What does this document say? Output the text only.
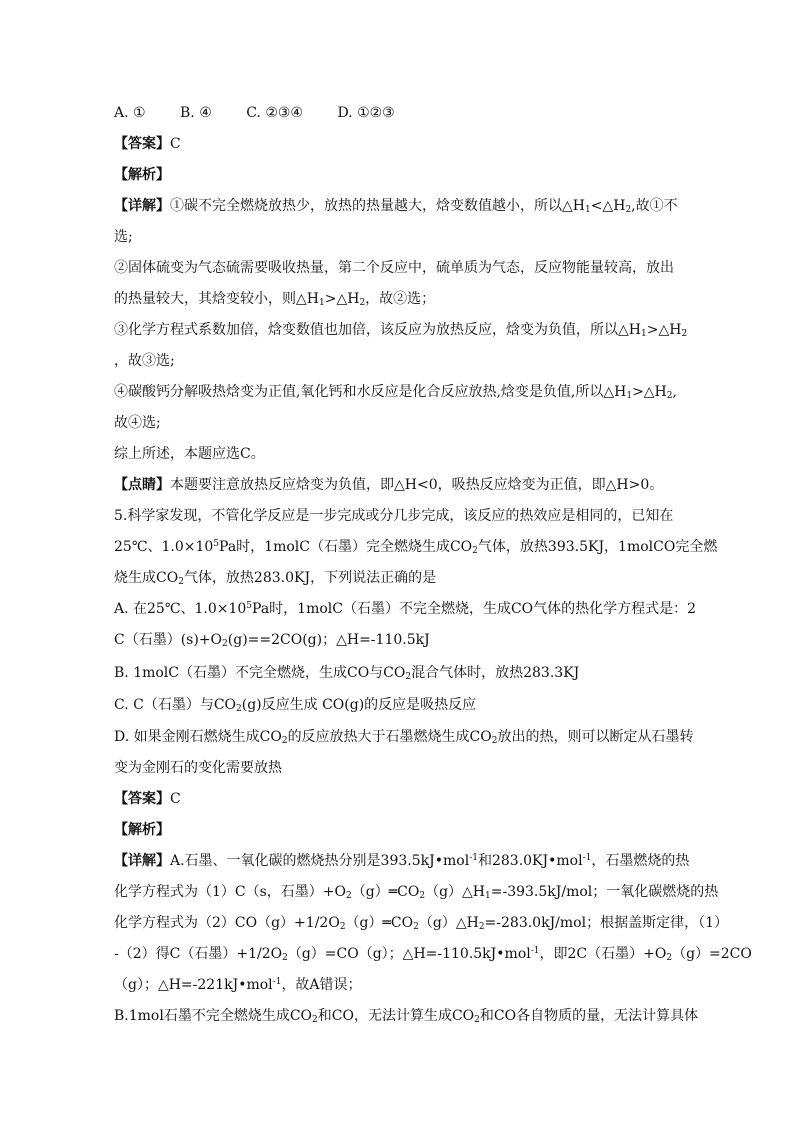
A. ① B. ④ C. ②③④ D. ①②③
【答案】C
【解析】
【详解】①碳不完全燃烧放热少，放热的热量越大，焓变数值越小，所以$\triangle H_1<\triangle H_2$,故①不
选;
②固体硫变为气态硫需要吸收热量，第二个反应中，硫单质为气态，反应物能量较高，放出
的热量较大，其焓变较小，则$\triangle H_1>\triangle H_2$，故②选；
③化学方程式系数加倍，焓变数值也加倍，该反应为放热反应，焓变为负值，所以$\triangle H_1>\triangle H_2$
，故③选;
④碳酸钙分解吸热焓变为正值,氧化钙和水反应是化合反应放热,焓变是负值,所以$\triangle H_1>\triangle H_2$,
故④选;
综上所述，本题应选C。
【点睛】本题要注意放热反应焓变为负值，即△H<0，吸热反应焓变为正值，即△H>0。
5.科学家发现，不管化学反应是一步完成或分几步完成，该反应的热效应是相同的，已知在
25℃、$1.0\times 10^5Pa$时，1molC（石墨）完全燃烧生成$CO_2$气体，放热393.5KJ，1molCO完全燃
烧生成$CO_2$气体，放热283.0KJ，下列说法正确的是
A. 在25℃、$1.0\times 10^5Pa$时，1molC（石墨）不完全燃烧，生成CO气体的热化学方程式是：2
C（石墨）$(s)+O_2(g)==2CO(g)$；△H=-110.5kJ
B. 1molC（石墨）不完全燃烧，生成CO与$CO_2$混合气体时，放热283.3KJ
C. C（石墨）与$CO_2(g)$反应生成 CO(g)的反应是吸热反应
D. 如果金刚石燃烧生成$CO_2$的反应放热大于石墨燃烧生成$CO_2$放出的热，则可以断定从石墨转
变为金刚石的变化需要放热
【答案】C
【解析】
【详解】A.石墨、一氧化碳的燃烧热分别是393.5kJ•mol$^{-1}$和283.0KJ•mol$^{-1}$，石墨燃烧的热
化学方程式为（1）C（s，石墨）$+O_2(g)═CO_2(g)\triangle H_1=-393.5kJ$/mol；一氧化碳燃烧的热
化学方程式为$(2)CO(g)+1/2O_2(g)═CO_2(g)\triangle H_2=-283.0kJ$/mol；根据盖斯定律，（1）
-（2）得C（石墨）$+1/2O_2(g)=CO(g)$；△H=-110.5kJ•mol$^{-1}$，即2C（石墨）$+O_2(g)=2CO$
（g）；△H=-221kJ•mol$^{-1}$，故A错误；
B.1mol石墨不完全燃烧生成$CO_2$和CO，无法计算生成$CO_2$和CO各自物质的量，无法计算具体
